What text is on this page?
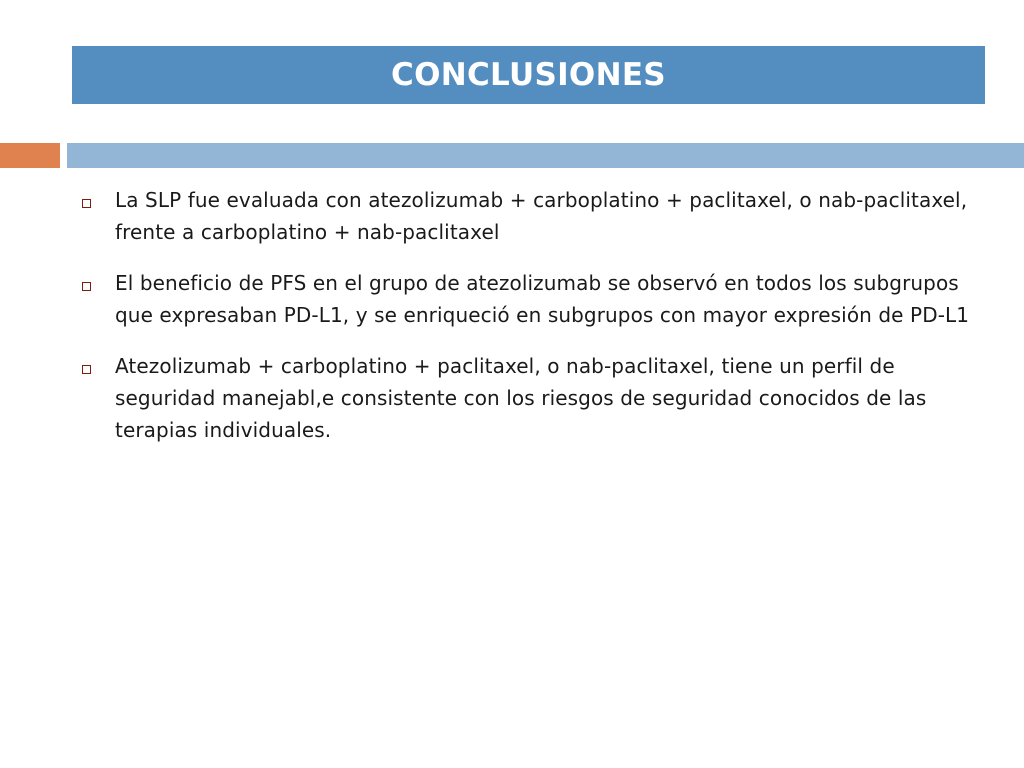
CONCLUSIONES
La SLP fue evaluada con atezolizumab + carboplatino + paclitaxel, o nab-paclitaxel, frente a carboplatino + nab-paclitaxel
El beneficio de PFS en el grupo de atezolizumab se observó en todos los subgrupos que expresaban PD-L1, y se enriqueció en subgrupos con mayor expresión de PD-L1
Atezolizumab + carboplatino + paclitaxel, o nab-paclitaxel, tiene un perfil de seguridad manejabl,e consistente con los riesgos de seguridad conocidos de las terapias individuales.
